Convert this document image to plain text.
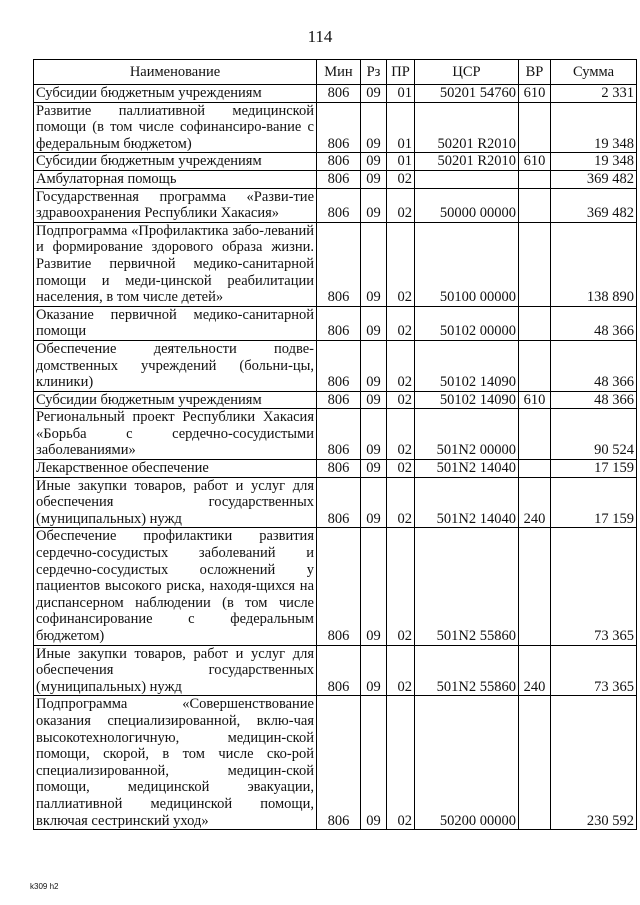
114
Наименование	Мин	Рз	ПР	ЦСР	ВР	Сумма
Субсидии бюджетным учреждениям	806	09	01	50201 54760	610	2 331
Развитие паллиативной медицинской помощи (в том числе софинансиро-вание с федеральным бюджетом)	806	09	01	50201 R2010		19 348
Субсидии бюджетным учреждениям	806	09	01	50201 R2010	610	19 348
Амбулаторная помощь	806	09	02			369 482
Государственная программа «Разви-тие здравоохранения Республики Хакасия»	806	09	02	50000 00000		369 482
Подпрограмма «Профилактика забо-леваний и формирование здорового образа жизни. Развитие первичной медико-санитарной помощи и меди-цинской реабилитации населения, в том числе детей»	806	09	02	50100 00000		138 890
Оказание первичной медико-санитарной помощи	806	09	02	50102 00000		48 366
Обеспечение деятельности подве-домственных учреждений (больни-цы, клиники)	806	09	02	50102 14090		48 366
Субсидии бюджетным учреждениям	806	09	02	50102 14090	610	48 366
Региональный проект Республики Хакасия «Борьба с сердечно-сосудистыми заболеваниями»	806	09	02	501N2 00000		90 524
Лекарственное обеспечение	806	09	02	501N2 14040		17 159
Иные закупки товаров, работ и услуг для обеспечения государственных (муниципальных) нужд	806	09	02	501N2 14040	240	17 159
Обеспечение профилактики развития сердечно-сосудистых заболеваний и сердечно-сосудистых осложнений у пациентов высокого риска, находя-щихся на диспансерном наблюдении (в том числе софинансирование с федеральным бюджетом)	806	09	02	501N2 55860		73 365
Иные закупки товаров, работ и услуг для обеспечения государственных (муниципальных) нужд	806	09	02	501N2 55860	240	73 365
Подпрограмма «Совершенствование оказания специализированной, вклю-чая высокотехнологичную, медицин-ской помощи, скорой, в том числе ско-рой специализированной, медицин-ской помощи, медицинской эвакуации, паллиативной медицинской помощи, включая сестринский уход»	806	09	02	50200 00000		230 592
k309 h2
